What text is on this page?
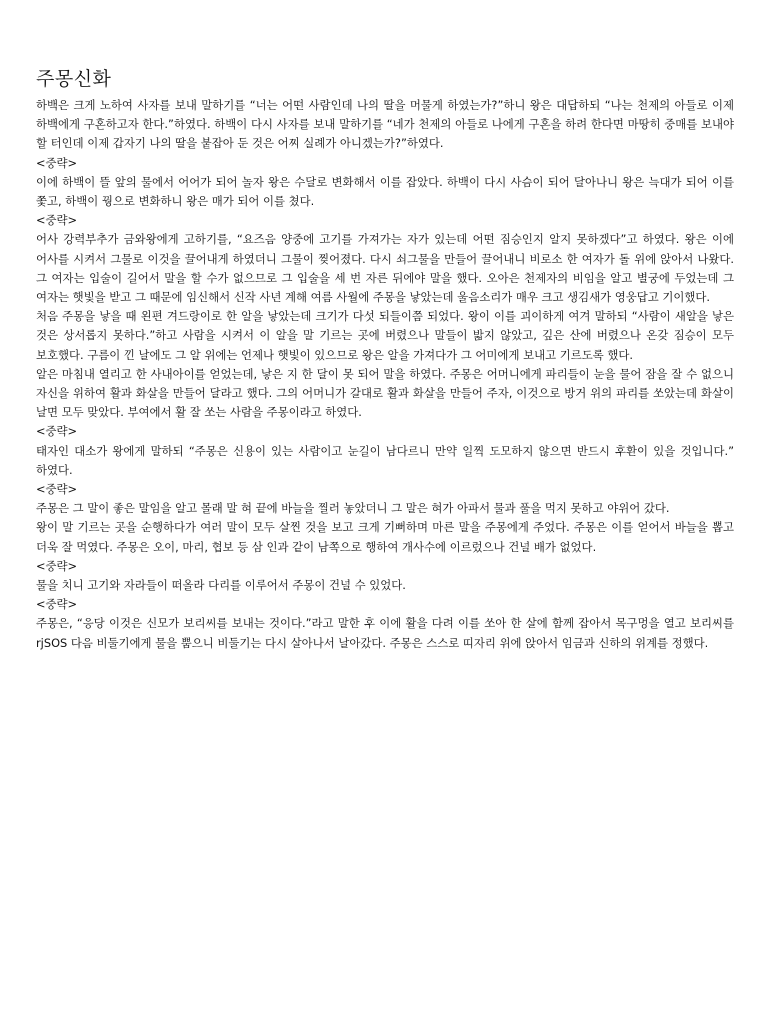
주몽신화

하백은 크게 노하여 사자를 보내 말하기를 “너는 어떤 사람인데 나의 딸을 머물게 하였는가?”하니 왕은 대답하되 “나는 천제의 아들로 이제 하백에게 구혼하고자 한다.”하였다. 하백이 다시 사자를 보내 말하기를 “네가 천제의 아들로 나에게 구혼을 하려 한다면 마땅히 중매를 보내야 할 터인데 이제 갑자기 나의 딸을 붙잡아 둔 것은 어찌 실례가 아니겠는가?”하였다.

<중략>

이에 하백이 뜰 앞의 물에서 어어가 되어 놀자 왕은 수달로 변화해서 이를 잡았다. 하백이 다시 사슴이 되어 달아나니 왕은 늑대가 되어 이를 쫓고, 하백이 꿩으로 변화하니 왕은 매가 되어 이를 쳤다.

<중략>

어사 강력부추가 금와왕에게 고하기를, “요즈음 양중에 고기를 가져가는 자가 있는데 어떤 짐승인지 알지 못하겠다”고 하였다. 왕은 이에 어사를 시켜서 그물로 이것을 끌어내게 하였더니 그물이 찢어졌다. 다시 쇠그물을 만들어 끌어내니 비로소 한 여자가 돌 위에 앉아서 나왔다. 그 여자는 입술이 길어서 말을 할 수가 없으므로 그 입술을 세 번 자른 뒤에야 말을 했다. 오아은 천제자의 비임을 알고 별궁에 두었는데 그 여자는 햇빛을 받고 그 때문에 임신해서 신작 사년 계해 여름 사월에 주몽을 낳았는데 울음소리가 매우 크고 생김새가 영웅답고 기이했다.

처음 주몽을 낳을 때 왼편 겨드랑이로 한 알을 낳았는데 크기가 다섯 되들이쯤 되었다. 왕이 이를 괴이하게 여겨 말하되 “사람이 새알을 낳은 것은 상서롭지 못하다.”하고 사람을 시켜서 이 알을 말 기르는 곳에 버렸으나 말들이 밟지 않았고, 깊은 산에 버렸으나 온갖 짐승이 모두 보호했다. 구름이 낀 날에도 그 알 위에는 언제나 햇빛이 있으므로 왕은 알을 가져다가 그 어미에게 보내고 기르도록 했다.

알은 마침내 열리고 한 사내아이를 얻었는데, 낳은 지 한 달이 못 되어 말을 하였다. 주몽은 어머니에게 파리들이 눈을 물어 잠을 잘 수 없으니 자신을 위하여 활과 화살을 만들어 달라고 했다. 그의 어머니가 갈대로 활과 화살을 만들어 주자, 이것으로 방거 위의 파리를 쏘았는데 화살이 날면 모두 맞았다. 부여에서 활 잘 쏘는 사람을 주몽이라고 하였다.

<중략>

태자인 대소가 왕에게 말하되 “주몽은 신용이 있는 사람이고 눈길이 남다르니 만약 일찍 도모하지 않으면 반드시 후환이 있을 것입니다.” 하였다.

<중략>

주몽은 그 말이 좋은 말임을 알고 몰래 말 혀 끝에 바늘을 찔러 놓았더니 그 말은 혀가 아파서 물과 풀을 먹지 못하고 야위어 갔다.

왕이 말 기르는 곳을 순행하다가 여러 말이 모두 살찐 것을 보고 크게 기뻐하며 마른 말을 주몽에게 주었다. 주몽은 이를 얻어서 바늘을 뽑고 더욱 잘 먹였다. 주몽은 오이, 마리, 협보 등 삼 인과 같이 남쪽으로 행하여 개사수에 이르렀으나 건널 배가 없었다.

<중략>

물을 치니 고기와 자라들이 떠올라 다리를 이루어서 주몽이 건널 수 있었다.

<중략>

주몽은, “응당 이것은 신모가 보리씨를 보내는 것이다.”라고 말한 후 이에 활을 다려 이를 쏘아 한 살에 함께 잡아서 목구멍을 열고 보리씨를 rjSOS 다음 비둘기에게 물을 뿜으니 비둘기는 다시 살아나서 날아갔다. 주몽은 스스로 띠자리 위에 앉아서 임금과 신하의 위계를 정했다.
